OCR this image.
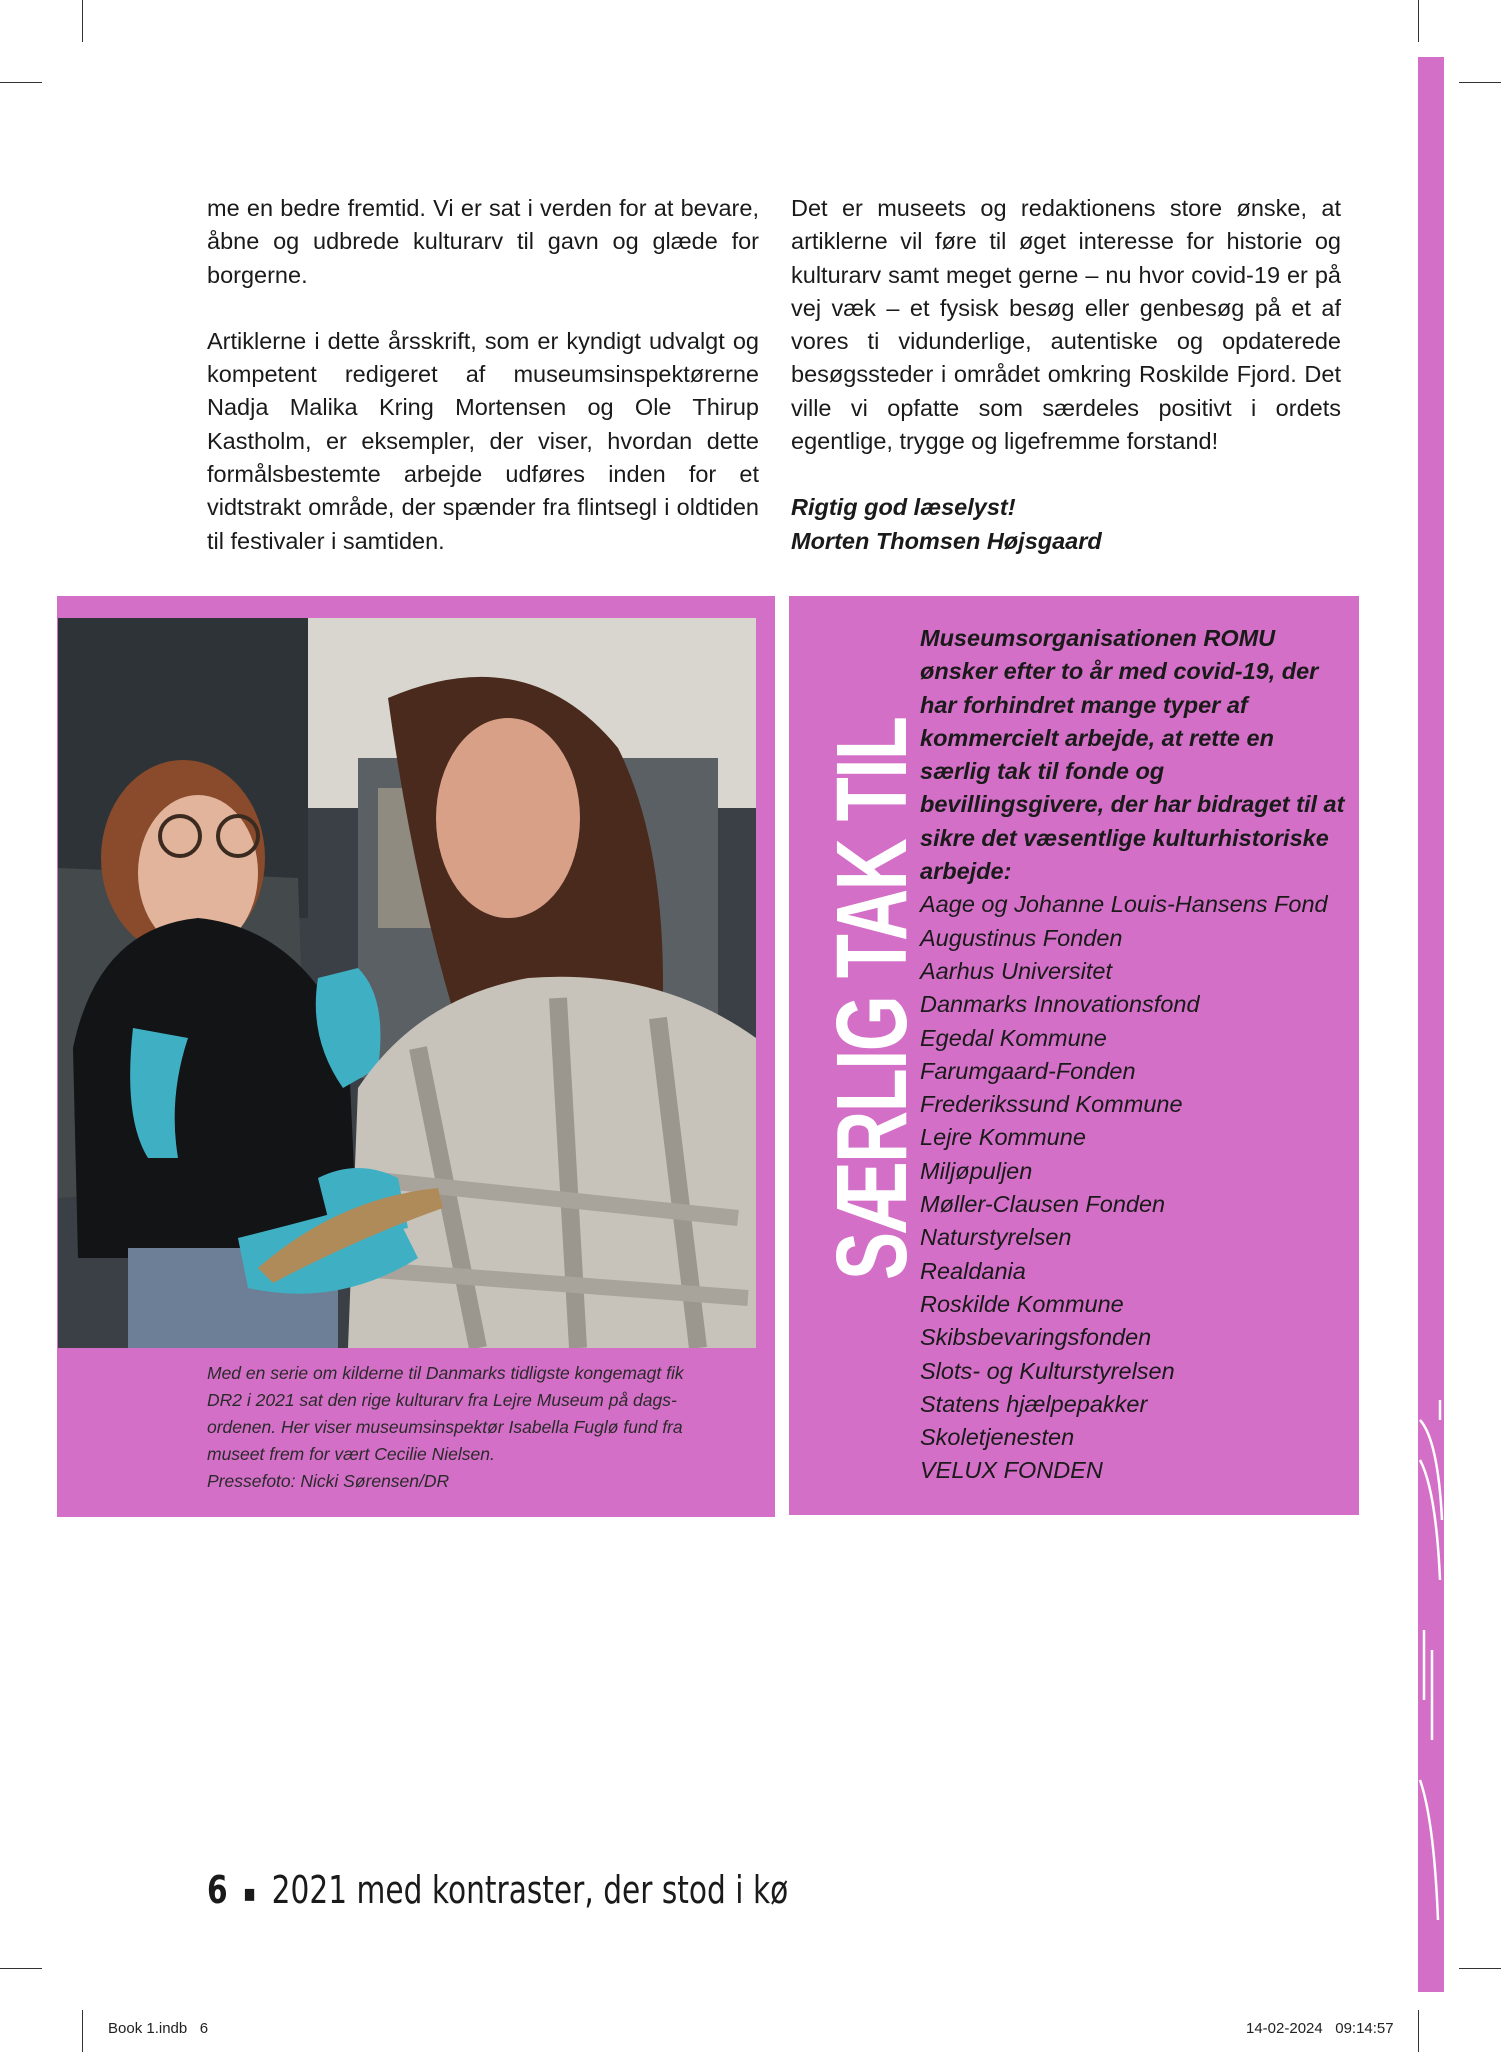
me en bedre fremtid. Vi er sat i verden for at bevare, åbne og udbrede kulturarv til gavn og glæde for borgerne.

Artiklerne i dette årsskrift, som er kyndigt udvalgt og kompetent redigeret af museumsinspektørerne Nadja Malika Kring Mortensen og Ole Thirup Kastholm, er eksempler, der viser, hvordan dette formålsbestemte arbejde udføres inden for et vidtstrakt område, der spænder fra flintsegl i oldtiden til festivaler i samtiden.

Det er museets og redaktionens store ønske, at artiklerne vil føre til øget interesse for historie og kulturarv samt meget gerne – nu hvor covid-19 er på vej væk – et fysisk besøg eller genbesøg på et af vores ti vidunderlige, autentiske og opdaterede besøgssteder i området omkring Roskilde Fjord. Det ville vi opfatte som særdeles positivt i ordets egentlige, trygge og ligefremme forstand!

Rigtig god læselyst!
Morten Thomsen Højsgaard
Med en serie om kilderne til Danmarks tidligste kongemagt fik
DR2 i 2021 sat den rige kulturarv fra Lejre Museum på dags-
ordenen. Her viser museumsinspektør Isabella Fuglø fund fra
museet frem for vært Cecilie Nielsen.
Pressefoto: Nicki Sørensen/DR
SÆRLIG TAK TIL

Museumsorganisationen ROMU ønsker efter to år med covid-19, der har forhindret mange typer af kommercielt arbejde, at rette en særlig tak til fonde og bevillingsgivere, der har bidraget til at sikre det væsentlige kulturhistoriske arbejde:

Aage og Johanne Louis-Hansens Fond
Augustinus Fonden
Aarhus Universitet
Danmarks Innovationsfond
Egedal Kommune
Farumgaard-Fonden
Frederikssund Kommune
Lejre Kommune
Miljøpuljen
Møller-Clausen Fonden
Naturstyrelsen
Realdania
Roskilde Kommune
Skibsbevaringsfonden
Slots- og Kulturstyrelsen
Statens hjælpepakker
Skoletjenesten
VELUX FONDEN
6 ▪ 2021 med kontraster, der stod i kø
Book 1.indb   6	14-02-2024   09:14:57
